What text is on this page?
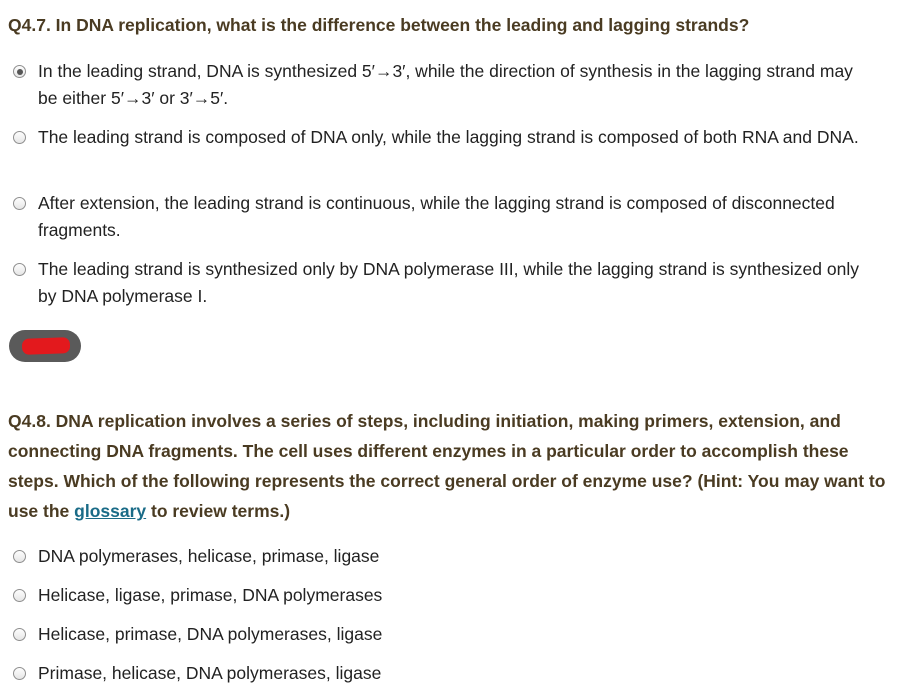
Q4.7. In DNA replication, what is the difference between the leading and lagging strands?
In the leading strand, DNA is synthesized 5′→3′, while the direction of synthesis in the lagging strand may be either 5′→3′ or 3′→5′.
The leading strand is composed of DNA only, while the lagging strand is composed of both RNA and DNA.
After extension, the leading strand is continuous, while the lagging strand is composed of disconnected fragments.
The leading strand is synthesized only by DNA polymerase III, while the lagging strand is synthesized only by DNA polymerase I.
Q4.8. DNA replication involves a series of steps, including initiation, making primers, extension, and connecting DNA fragments. The cell uses different enzymes in a particular order to accomplish these steps. Which of the following represents the correct general order of enzyme use? (Hint: You may want to use the glossary to review terms.)
DNA polymerases, helicase, primase, ligase
Helicase, ligase, primase, DNA polymerases
Helicase, primase, DNA polymerases, ligase
Primase, helicase, DNA polymerases, ligase
